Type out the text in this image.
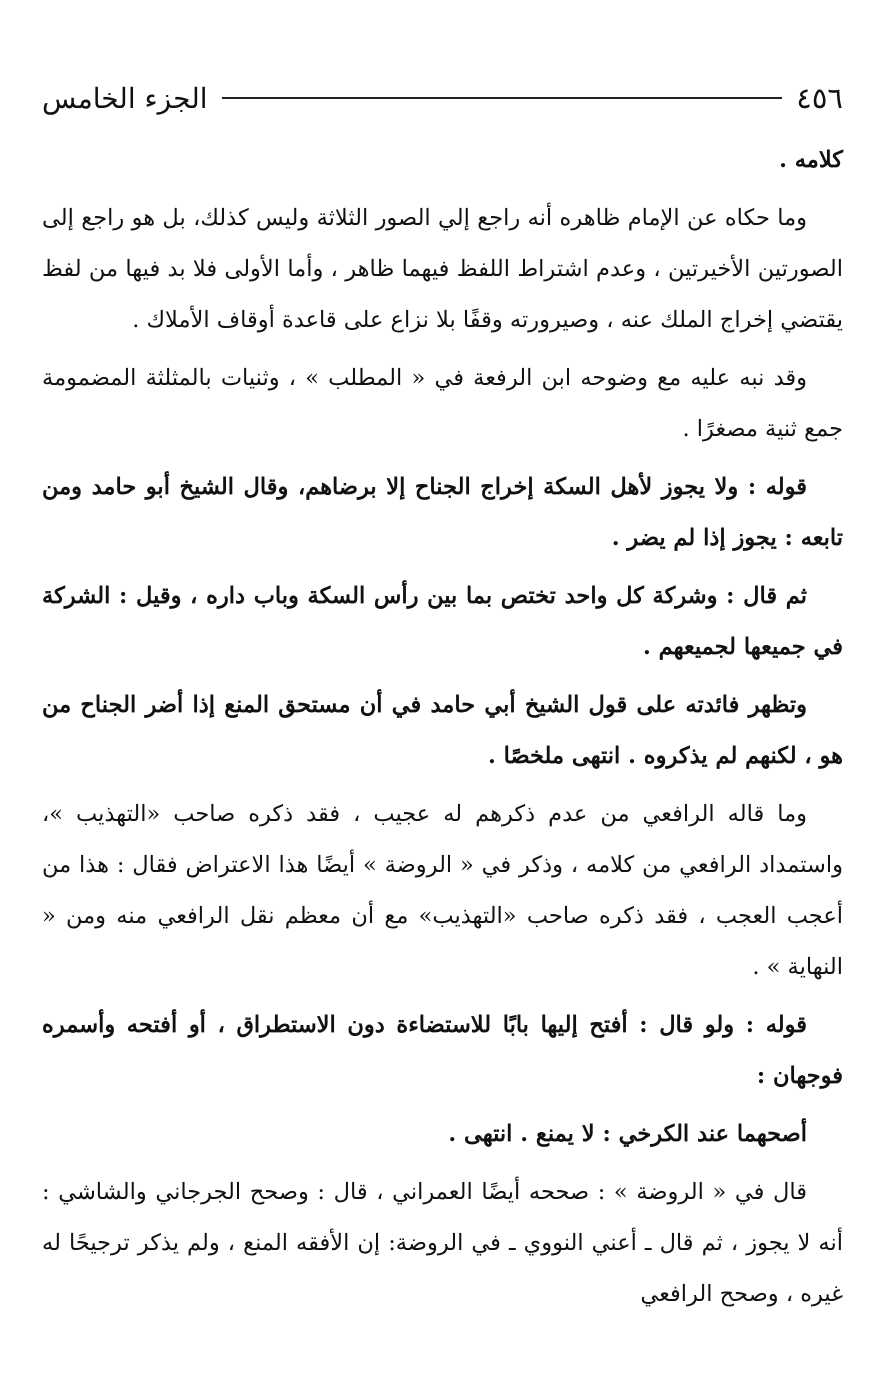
٤٥٦
الجزء الخامس

كلامه .

وما حكاه عن الإمام ظاهره أنه راجع إلي الصور الثلاثة وليس كذلك، بل هو راجع إلى الصورتين الأخيرتين ، وعدم اشتراط اللفظ فيهما ظاهر ، وأما الأولى فلا بد فيها من لفظ يقتضي إخراج الملك عنه ، وصيرورته وقفًا بلا نزاع على قاعدة أوقاف الأملاك .

وقد نبه عليه مع وضوحه ابن الرفعة في « المطلب » ، وثنيات بالمثلثة المضمومة جمع ثنية مصغرًا .

قوله : ولا يجوز لأهل السكة إخراج الجناح إلا برضاهم، وقال الشيخ أبو حامد ومن تابعه : يجوز إذا لم يضر .

ثم قال : وشركة كل واحد تختص بما بين رأس السكة وباب داره ، وقيل : الشركة في جميعها لجميعهم .

وتظهر فائدته على قول الشيخ أبي حامد في أن مستحق المنع إذا أضر الجناح من هو ، لكنهم لم يذكروه . انتهى ملخصًا .

وما قاله الرافعي من عدم ذكرهم له عجيب ، فقد ذكره صاحب «التهذيب »، واستمداد الرافعي من كلامه ، وذكر في « الروضة » أيضًا هذا الاعتراض فقال : هذا من أعجب العجب ، فقد ذكره صاحب «التهذيب» مع أن معظم نقل الرافعي منه ومن « النهاية » .

قوله : ولو قال : أفتح إليها بابًا للاستضاءة دون الاستطراق ، أو أفتحه وأسمره فوجهان :

أصحهما عند الكرخي : لا يمنع . انتهى .

قال في « الروضة » : صححه أيضًا العمراني ، قال : وصحح الجرجاني والشاشي : أنه لا يجوز ، ثم قال ـ أعني النووي ـ في الروضة: إن الأفقه المنع ، ولم يذكر ترجيحًا له غيره ، وصحح الرافعي
